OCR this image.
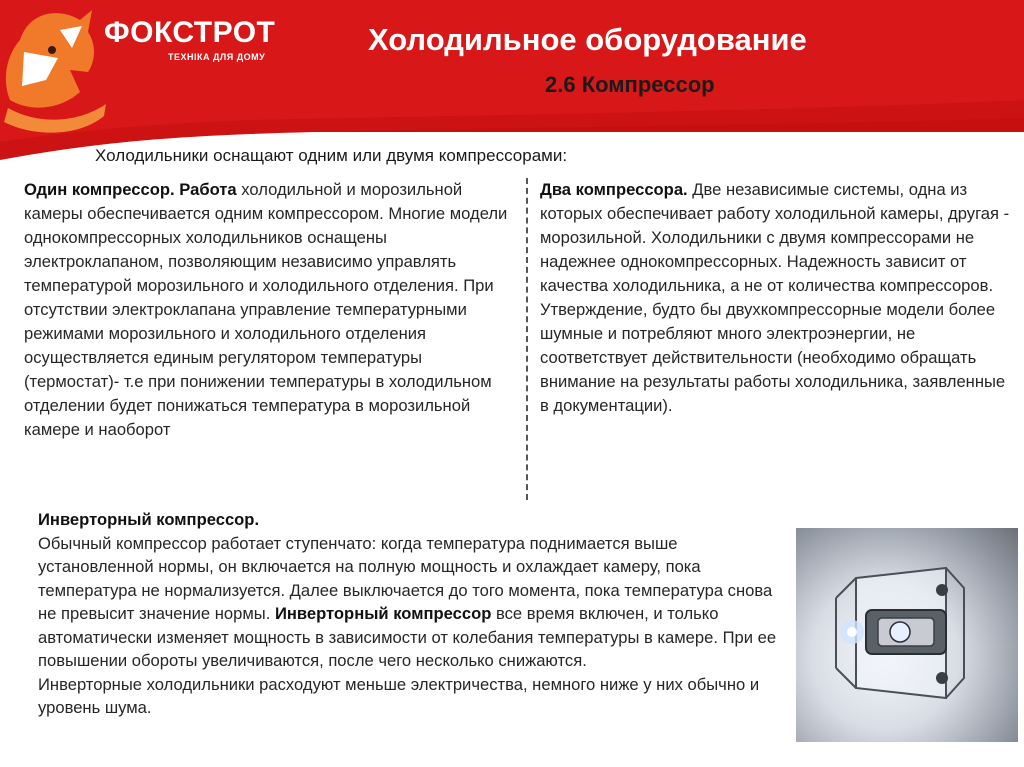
ФОКСТРОТ
ТЕХНІКА ДЛЯ ДОМУ	Холодильное оборудование
2.6 Компрессор
Холодильники оснащают одним или двумя компрессорами:
Один компрессор. Работа холодильной и морозильной камеры обеспечивается одним компрессором. Многие модели однокомпрессорных холодильников оснащены электроклапаном, позволяющим независимо управлять температурой морозильного и холодильного отделения. При отсутствии электроклапана управление температурными режимами морозильного и холодильного отделения осуществляется единым регулятором температуры (термостат)- т.е при понижении температуры в холодильном отделении будет понижаться температура в морозильной камере и наоборот
Два компрессора. Две независимые системы, одна из которых обеспечивает работу холодильной камеры, другая - морозильной. Холодильники с двумя компрессорами не надежнее однокомпрессорных. Надежность зависит от качества холодильника, а не от количества компрессоров. Утверждение, будто бы двухкомпрессорные модели более шумные и потребляют много электроэнергии, не соответствует действительности (необходимо обращать внимание на результаты работы холодильника, заявленные в документации).
Инверторный компрессор.
Обычный компрессор работает ступенчато: когда температура поднимается выше установленной нормы, он включается на полную мощность и охлаждает камеру, пока температура не нормализуется. Далее выключается до того момента, пока температура снова не превысит значение нормы. Инверторный компрессор все время включен, и только автоматически изменяет мощность в зависимости от колебания температуры в камере. При ее повышении обороты увеличиваются, после чего несколько снижаются.
Инверторные холодильники расходуют меньше электричества, немного ниже у них обычно и уровень шума.
